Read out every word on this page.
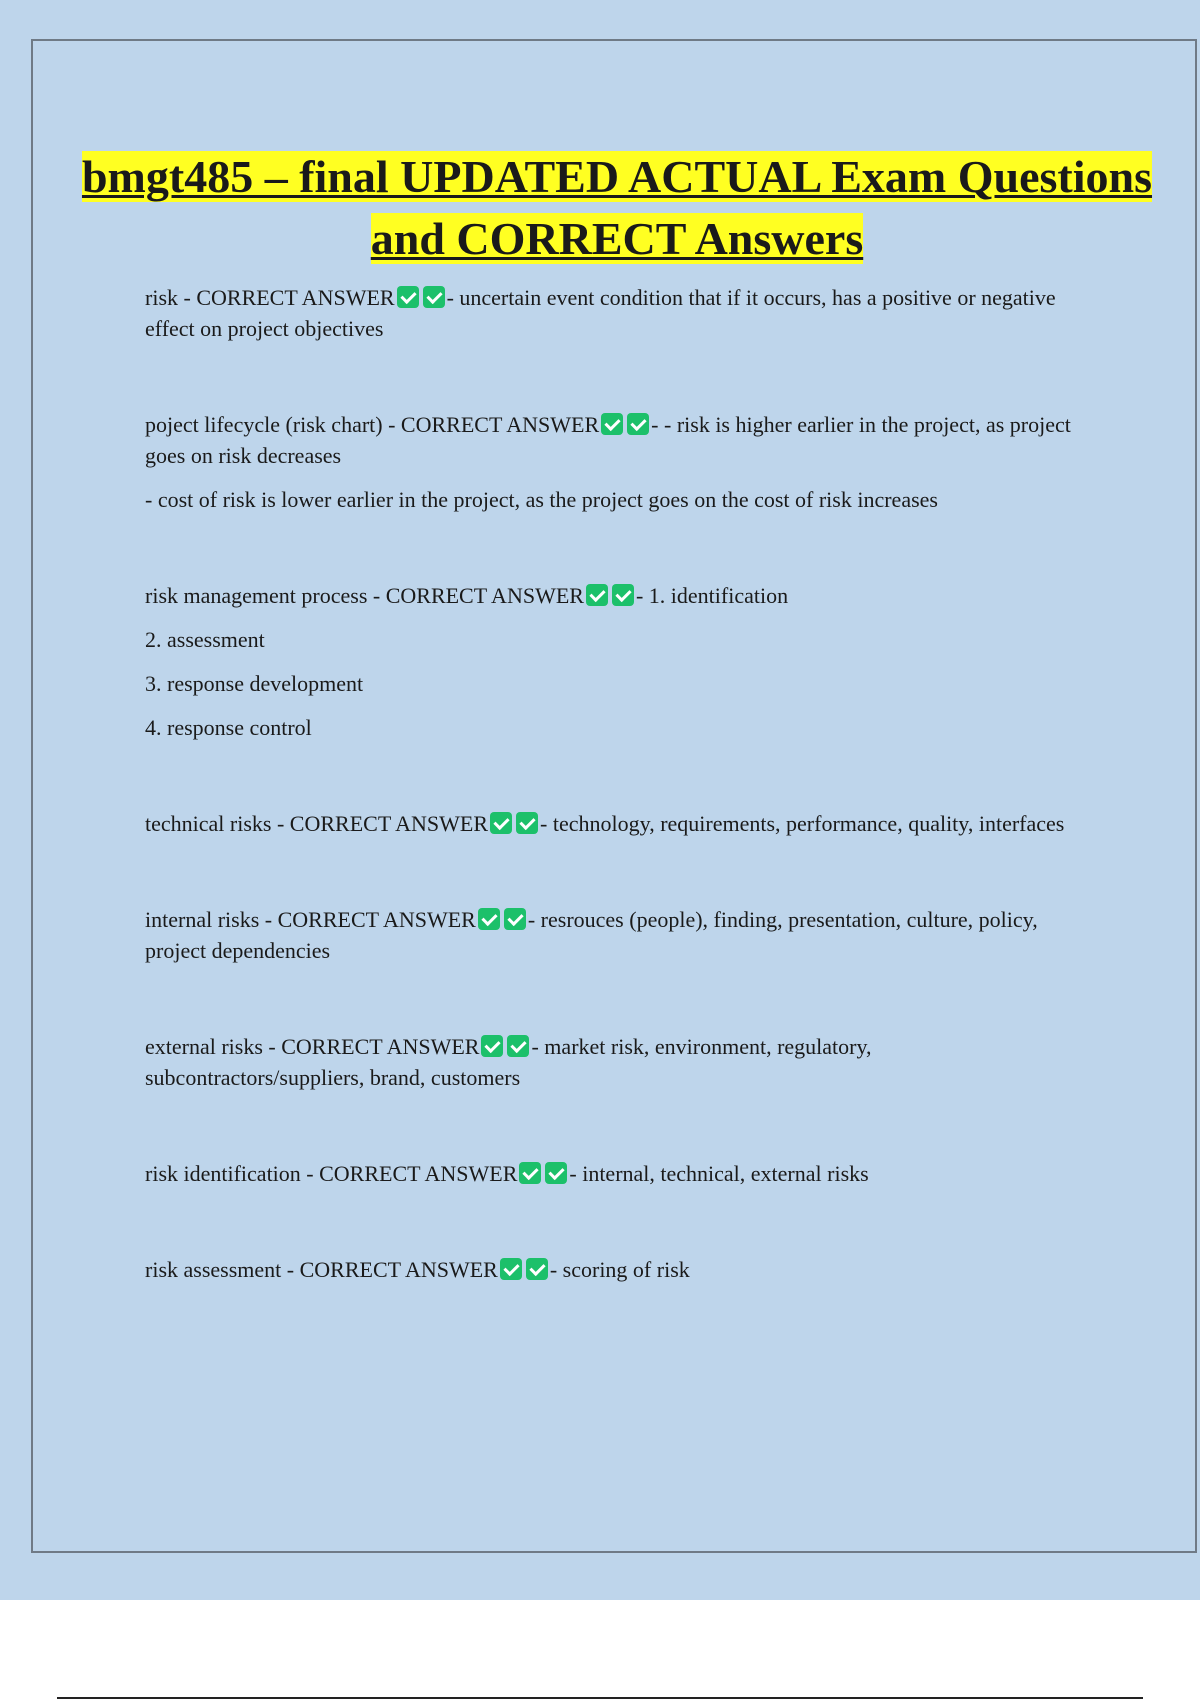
bmgt485 – final UPDATED ACTUAL Exam Questions and CORRECT Answers

risk - CORRECT ANSWER - uncertain event condition that if it occurs, has a positive or negative effect on project objectives

poject lifecycle (risk chart) - CORRECT ANSWER - - risk is higher earlier in the project, as project goes on risk decreases

- cost of risk is lower earlier in the project, as the project goes on the cost of risk increases

risk management process - CORRECT ANSWER - 1. identification

2. assessment

3. response development

4. response control

technical risks - CORRECT ANSWER - technology, requirements, performance, quality, interfaces

internal risks - CORRECT ANSWER - resrouces (people), finding, presentation, culture, policy, project dependencies

external risks - CORRECT ANSWER - market risk, environment, regulatory, subcontractors/suppliers, brand, customers

risk identification - CORRECT ANSWER - internal, technical, external risks

risk assessment - CORRECT ANSWER - scoring of risk
